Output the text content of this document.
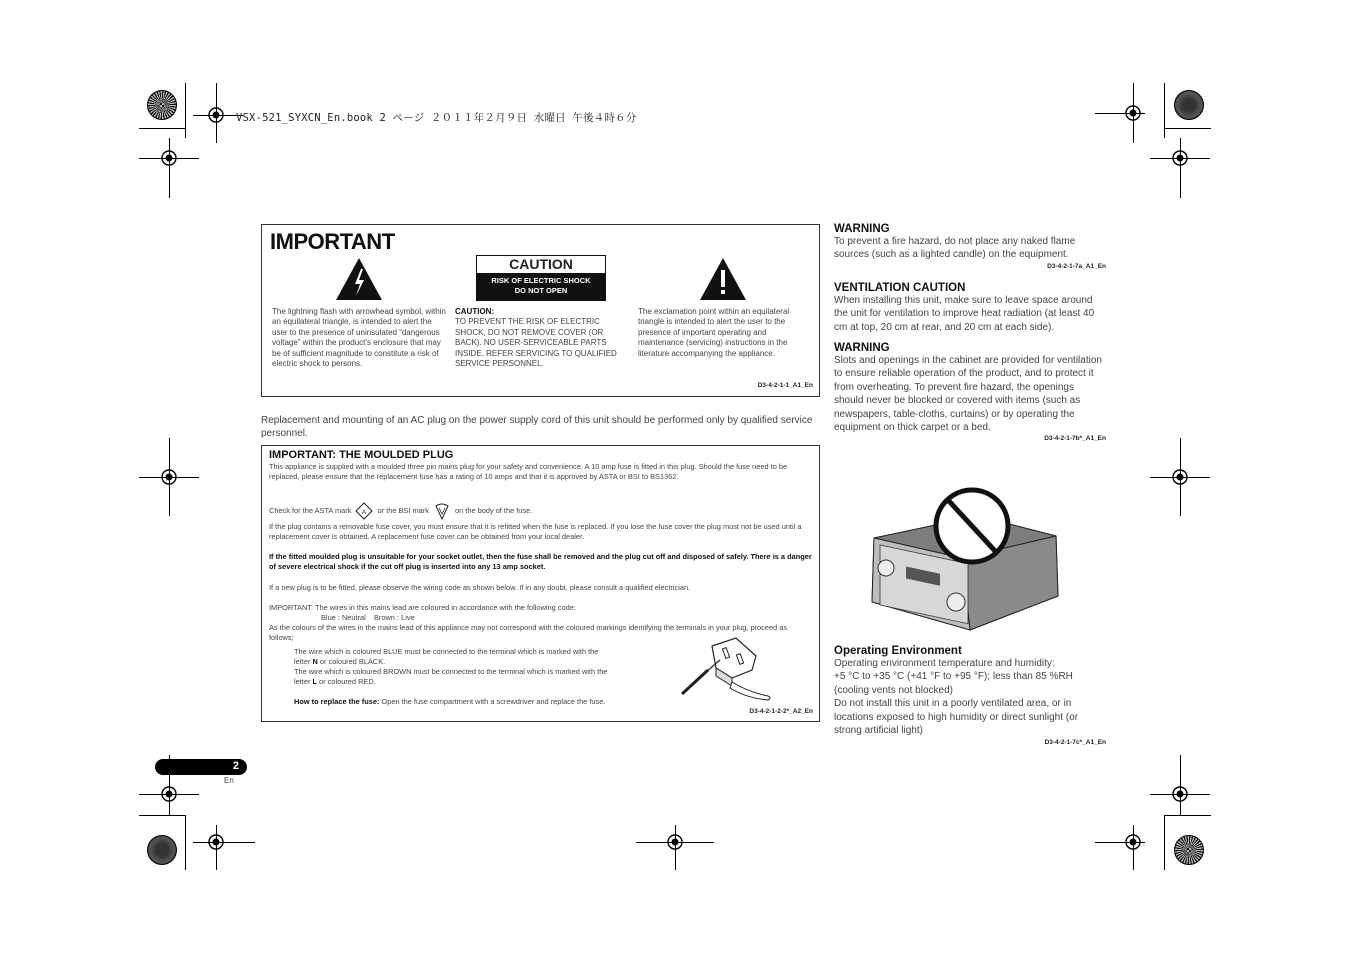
VSX-521_SYXCN_En.book 2 ページ ２０１１年２月９日 水曜日 午後４時６分
IMPORTANT
CAUTION
RISK OF ELECTRIC SHOCK
DO NOT OPEN
The lightning flash with arrowhead symbol, within an equilateral triangle, is intended to alert the user to the presence of uninsulated “dangerous voltage” within the product’s enclosure that may be of sufficient magnitude to constitute a risk of electric shock to persons.
CAUTION:
TO PREVENT THE RISK OF ELECTRIC SHOCK, DO NOT REMOVE COVER (OR BACK). NO USER-SERVICEABLE PARTS INSIDE. REFER SERVICING TO QUALIFIED SERVICE PERSONNEL.
The exclamation point within an equilateral triangle is intended to alert the user to the presence of important operating and maintenance (servicing) instructions in the literature accompanying the appliance.
D3-4-2-1-1_A1_En
Replacement and mounting of an AC plug on the power supply cord of this unit should be performed only by qualified service personnel.
IMPORTANT: THE MOULDED PLUG
This appliance is supplied with a moulded three pin mains plug for your safety and convenience. A 10 amp fuse is fitted in this plug. Should the fuse need to be replaced, please ensure that the replacement fuse has a rating of 10 amps and that it is approved by ASTA or BSI to BS1362.
Check for the ASTA mark A or the BSI mark	on the body of the fuse.
If the plug contains a removable fuse cover, you must ensure that it is refitted when the fuse is replaced. If you lose the fuse cover the plug must not be used until a replacement cover is obtained. A replacement fuse cover can be obtained from your local dealer.
If the fitted moulded plug is unsuitable for your socket outlet, then the fuse shall be removed and the plug cut off and disposed of safely. There is a danger of severe electrical shock if the cut off plug is inserted into any 13 amp socket.
If a new plug is to be fitted, please observe the wiring code as shown below. If in any doubt, please consult a qualified electrician.
IMPORTANT: The wires in this mains lead are coloured in accordance with the following code:
Blue : Neutral    Brown : Live
As the colours of the wires in the mains lead of this appliance may not correspond with the coloured markings identifying the terminals in your plug, proceed as follows;
The wire which is coloured BLUE must be connected to the terminal which is marked with the
letter N or coloured BLACK.
The wire which is coloured BROWN must be connected to the terminal which is marked with the
letter L or coloured RED.
How to replace the fuse: Open the fuse compartment with a screwdriver and replace the fuse.
D3-4-2-1-2-2*_A2_En
WARNING
To prevent a fire hazard, do not place any naked flame sources (such as a lighted candle) on the equipment.
D3-4-2-1-7a_A1_En
VENTILATION CAUTION
When installing this unit, make sure to leave space around the unit for ventilation to improve heat radiation (at least 40 cm at top, 20 cm at rear, and 20 cm at each side).
WARNING
Slots and openings in the cabinet are provided for ventilation to ensure reliable operation of the product, and to protect it from overheating. To prevent fire hazard, the openings should never be blocked or covered with items (such as newspapers, table-cloths, curtains) or by operating the equipment on thick carpet or a bed.
D3-4-2-1-7b*_A1_En
Operating Environment
Operating environment temperature and humidity:
+5 °C to +35 °C (+41 °F to +95 °F); less than 85 %RH (cooling vents not blocked)
Do not install this unit in a poorly ventilated area, or in locations exposed to high humidity or direct sunlight (or strong artificial light)
D3-4-2-1-7c*_A1_En
2
En
